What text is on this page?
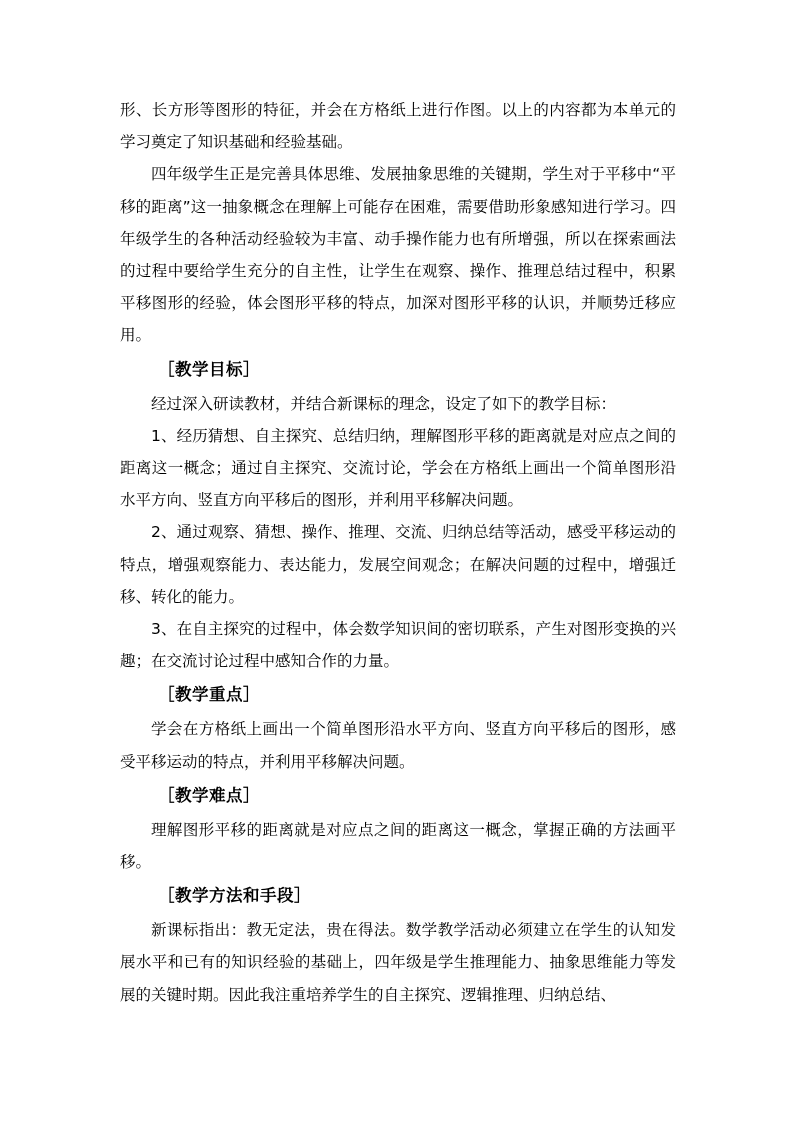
形、长方形等图形的特征，并会在方格纸上进行作图。以上的内容都为本单元的学习奠定了知识基础和经验基础。

四年级学生正是完善具体思维、发展抽象思维的关键期，学生对于平移中“平移的距离”这一抽象概念在理解上可能存在困难，需要借助形象感知进行学习。四年级学生的各种活动经验较为丰富、动手操作能力也有所增强，所以在探索画法的过程中要给学生充分的自主性，让学生在观察、操作、推理总结过程中，积累平移图形的经验，体会图形平移的特点，加深对图形平移的认识，并顺势迁移应用。

［教学目标］

经过深入研读教材，并结合新课标的理念，设定了如下的教学目标：

1、经历猜想、自主探究、总结归纳，理解图形平移的距离就是对应点之间的距离这一概念；通过自主探究、交流讨论，学会在方格纸上画出一个简单图形沿水平方向、竖直方向平移后的图形，并利用平移解决问题。

2、通过观察、猜想、操作、推理、交流、归纳总结等活动，感受平移运动的特点，增强观察能力、表达能力，发展空间观念；在解决问题的过程中，增强迁移、转化的能力。

3、在自主探究的过程中，体会数学知识间的密切联系，产生对图形变换的兴趣；在交流讨论过程中感知合作的力量。

［教学重点］

学会在方格纸上画出一个简单图形沿水平方向、竖直方向平移后的图形，感受平移运动的特点，并利用平移解决问题。

［教学难点］

理解图形平移的距离就是对应点之间的距离这一概念，掌握正确的方法画平移。

［教学方法和手段］

新课标指出：教无定法，贵在得法。数学教学活动必须建立在学生的认知发展水平和已有的知识经验的基础上，四年级是学生推理能力、抽象思维能力等发展的关键时期。因此我注重培养学生的自主探究、逻辑推理、归纳总结、
